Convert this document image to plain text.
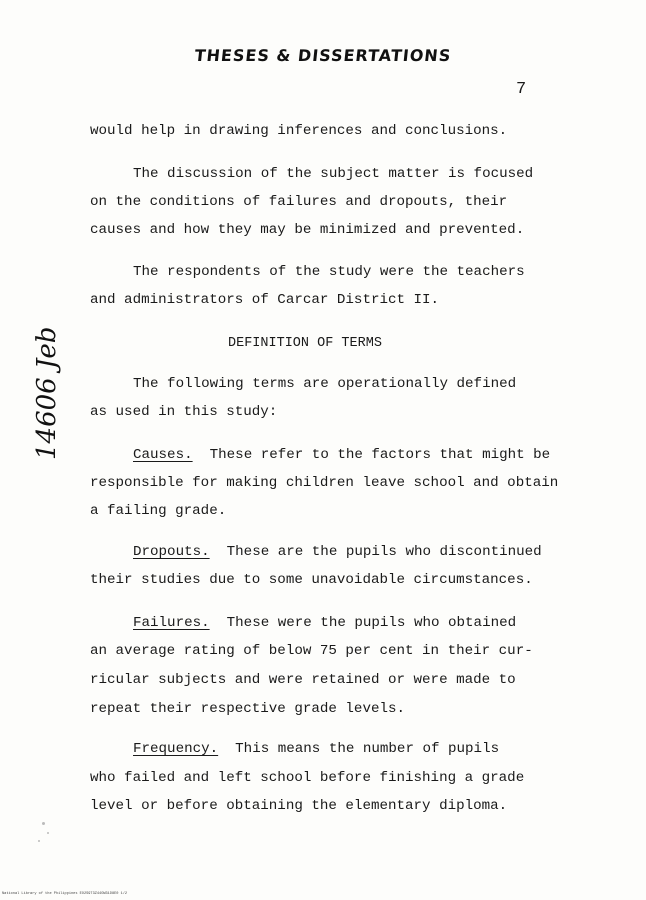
THESES & DISSERTATIONS
7
14606 Jeb
would help in drawing inferences and conclusions.
The discussion of the subject matter is focused
on the conditions of failures and dropouts, their
causes and how they may be minimized and prevented.
The respondents of the study were the teachers
and administrators of Carcar District II.
DEFINITION OF TERMS
The following terms are operationally defined
as used in this study:
Causes. These refer to the factors that might be
responsible for making children leave school and obtain
a failing grade.
Dropouts. These are the pupils who discontinued
their studies due to some unavoidable circumstances.
Failures. These were the pupils who obtained
an average rating of below 75 per cent in their cur-
ricular subjects and were retained or were made to
repeat their respective grade levels.
Frequency. This means the number of pupils
who failed and left school before finishing a grade
level or before obtaining the elementary diploma.
National Library of the Philippines EO2S9T3Z44OW31D8E0 1/2
